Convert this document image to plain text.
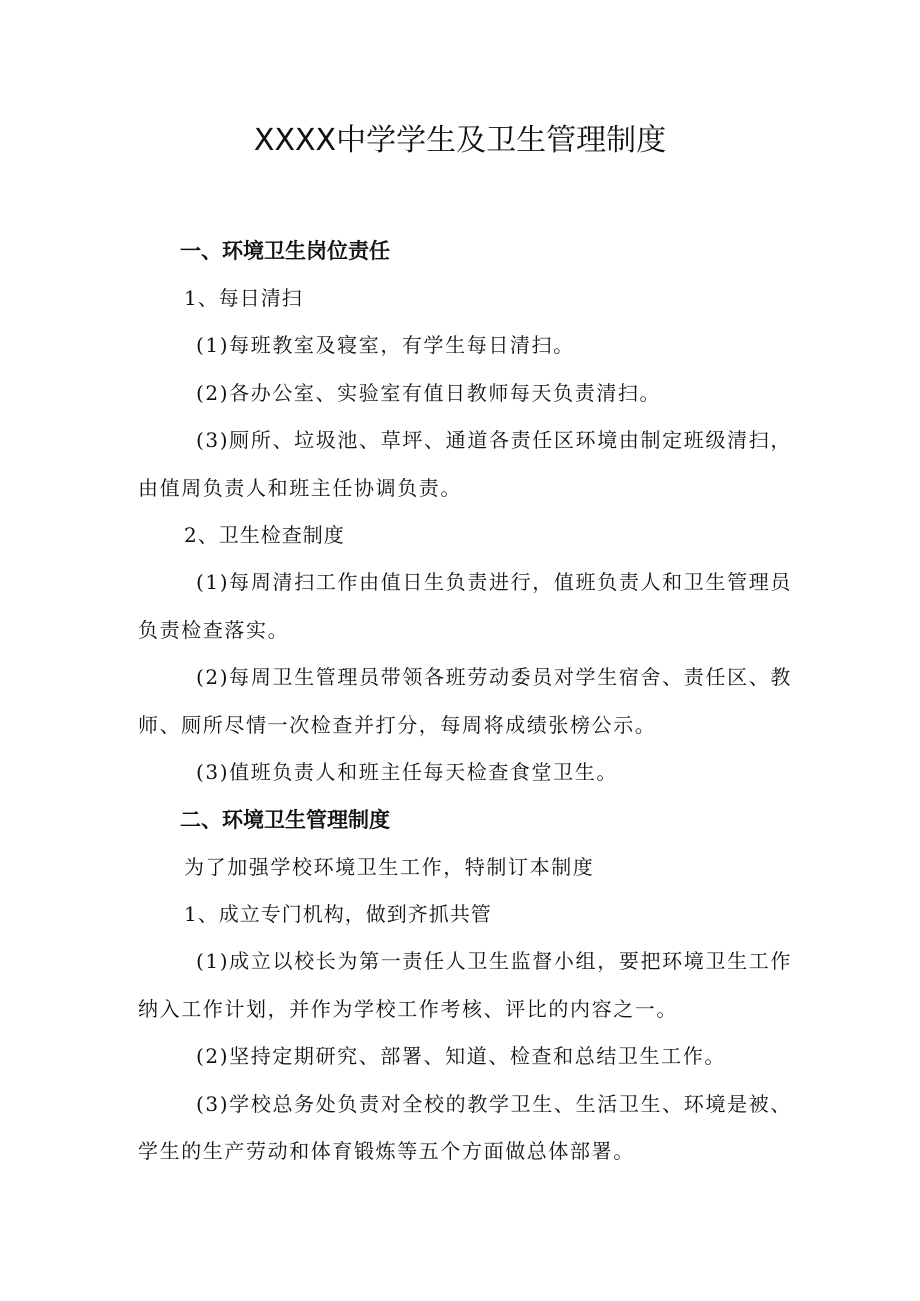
XXXX中学学生及卫生管理制度
一、环境卫生岗位责任
1、每日清扫

(1)每班教室及寝室，有学生每日清扫。

(2)各办公室、实验室有值日教师每天负责清扫。

(3)厕所、垃圾池、草坪、通道各责任区环境由制定班级清扫，由值周负责人和班主任协调负责。

2、卫生检查制度

(1)每周清扫工作由值日生负责进行，值班负责人和卫生管理员负责检查落实。

(2)每周卫生管理员带领各班劳动委员对学生宿舍、责任区、教师、厕所尽情一次检查并打分，每周将成绩张榜公示。

(3)值班负责人和班主任每天检查食堂卫生。

二、环境卫生管理制度

为了加强学校环境卫生工作，特制订本制度

1、成立专门机构，做到齐抓共管

(1)成立以校长为第一责任人卫生监督小组，要把环境卫生工作纳入工作计划，并作为学校工作考核、评比的内容之一。

(2)坚持定期研究、部署、知道、检查和总结卫生工作。

(3)学校总务处负责对全校的教学卫生、生活卫生、环境是被、学生的生产劳动和体育锻炼等五个方面做总体部署。
